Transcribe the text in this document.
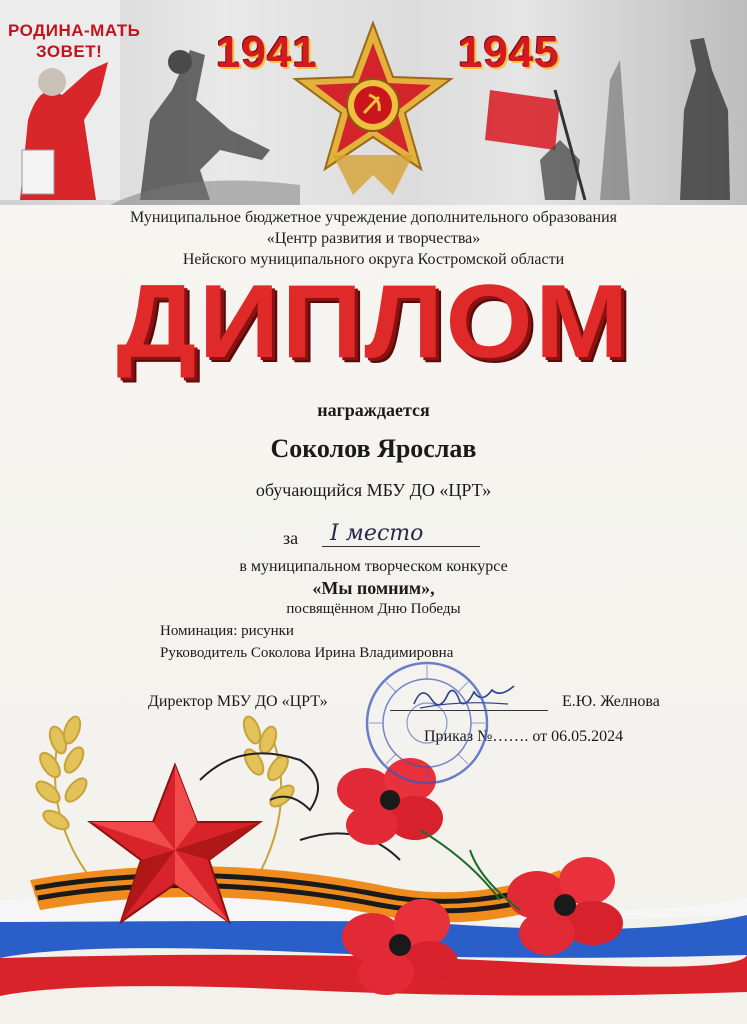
РОДИНА-МАТЬ
ЗОВЕТ!	1941	1945
Муниципальное бюджетное учреждение дополнительного образования
«Центр развития и творчества»
Нейского муниципального округа Костромской области
ДИПЛОМ
награждается
Соколов Ярослав
обучающийся МБУ ДО «ЦРТ»
за	I место
в муниципальном творческом конкурсе
«Мы помним»,
посвящённом Дню Победы
Номинация: рисунки
Руководитель Соколова Ирина Владимировна
Директор МБУ ДО «ЦРТ»	Е.Ю. Желнова
Приказ №……. от 06.05.2024
